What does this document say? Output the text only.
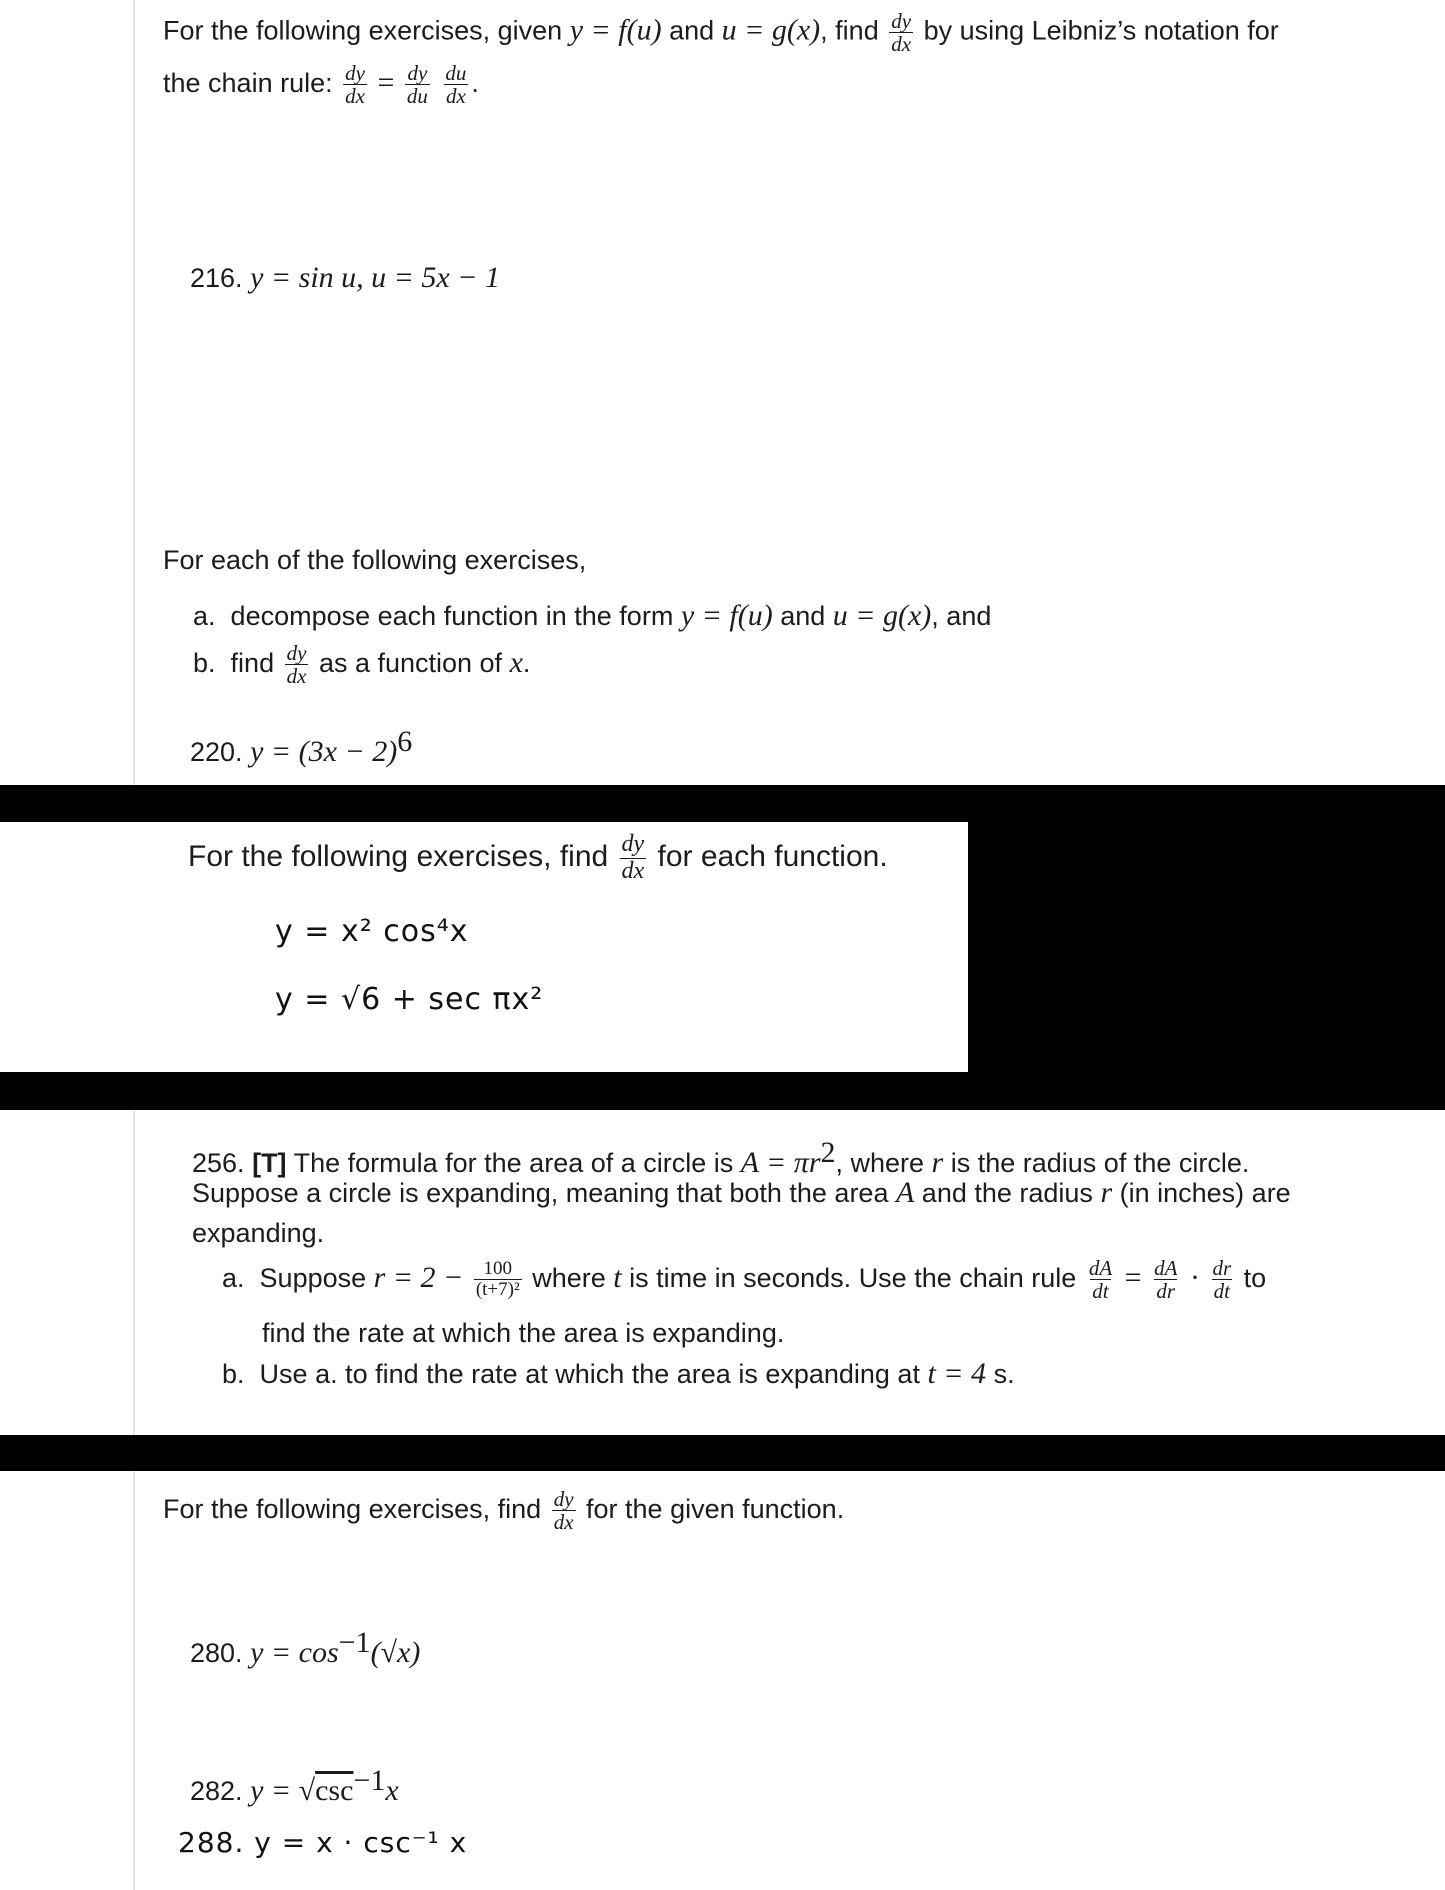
For the following exercises, given y = f(u) and u = g(x), find $\frac{dy}{dx}$ by using Leibniz’s notation for
the chain rule: $\frac{dy}{dx} = \frac{dy}{du}$
$\frac{du}{dx}$ .
216. y = sin u, u = 5x − 1
For each of the following exercises,
a. decompose each function in the form y = f(u) and u = g(x), and
b. find $\frac{dy}{dx}$ as a function of x.
220. $y = (3x - 2)^6$
For the following exercises, find $\frac{dy}{dx}$ for each function.
y = x² cos⁴x
y = √6 + sec πx²
256. [T] The formula for the area of a circle is $A = \pi r^2$, where r is the radius of the circle.
Suppose a circle is expanding, meaning that both the area A and the radius r (in inches) are
expanding.
a. Suppose $r = 2 - \frac{100}{\text{(t+7)²}}$ where t is time in seconds. Use the chain rule $\frac{dA}{dt} = \frac{dA}{dr} \cdot \frac{dr}{dt}$ to
find the rate at which the area is expanding.
b. Use a. to find the rate at which the area is expanding at t = 4 s.
For the following exercises, find $\frac{dy}{dx}$ for the given function.
280. $y = \cos^{-1}(√x)$
282. $y = √\csc^{-1}x$
288. y = x · csc⁻¹ x
